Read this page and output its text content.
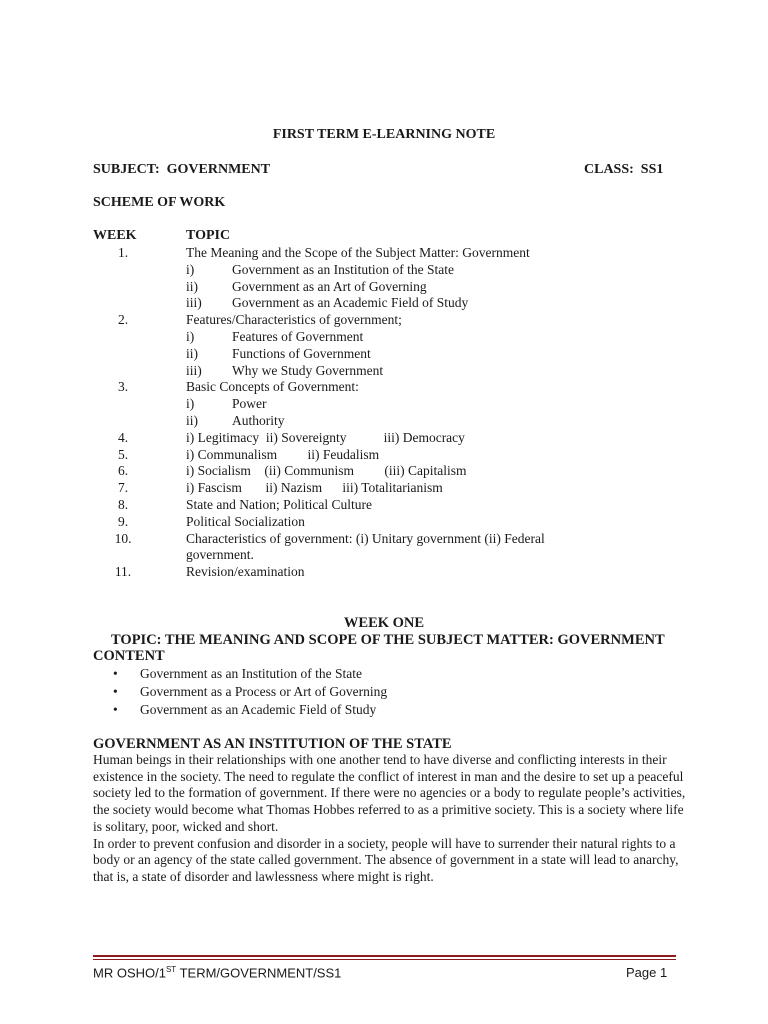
FIRST TERM E-LEARNING NOTE
SUBJECT:  GOVERNMENT	CLASS:  SS1
SCHEME OF WORK
WEEK	TOPIC
1.	The Meaning and the Scope of the Subject Matter: Government
i)	Government as an Institution of the State
ii)	Government as an Art of Governing
iii) Government as an Academic Field of Study
2.	Features/Characteristics of government;
i)	Features of Government
ii)	Functions of Government
iii) Why we Study Government
3.	Basic Concepts of Government:
i)	Power
ii)	Authority
4.	i) Legitimacy  ii) Sovereignty           iii) Democracy
5.	i) Communalism         ii) Feudalism
6.	i) Socialism    (ii) Communism         (iii) Capitalism
7.	i) Fascism       ii) Nazism      iii) Totalitarianism
8.	State and Nation; Political Culture
9.	Political Socialization
10.	Characteristics of government: (i) Unitary government (ii) Federal
government.
11.	Revision/examination
WEEK ONE
TOPIC: THE MEANING AND SCOPE OF THE SUBJECT MATTER: GOVERNMENT
CONTENT
• Government as an Institution of the State
• Government as a Process or Art of Governing
• Government as an Academic Field of Study
GOVERNMENT AS AN INSTITUTION OF THE STATE

Human beings in their relationships with one another tend to have diverse and conflicting interests in their existence in the society. The need to regulate the conflict of interest in man and the desire to set up a peaceful society led to the formation of government. If there were no agencies or a body to regulate people’s activities, the society would become what Thomas Hobbes referred to as a primitive society. This is a society where life is solitary, poor, wicked and short.

In order to prevent confusion and disorder in a society, people will have to surrender their natural rights to a body or an agency of the state called government. The absence of government in a state will lead to anarchy, that is, a state of disorder and lawlessness where might is right.

MR OSHO/1ST TERM/GOVERNMENT/SS1	Page 1
